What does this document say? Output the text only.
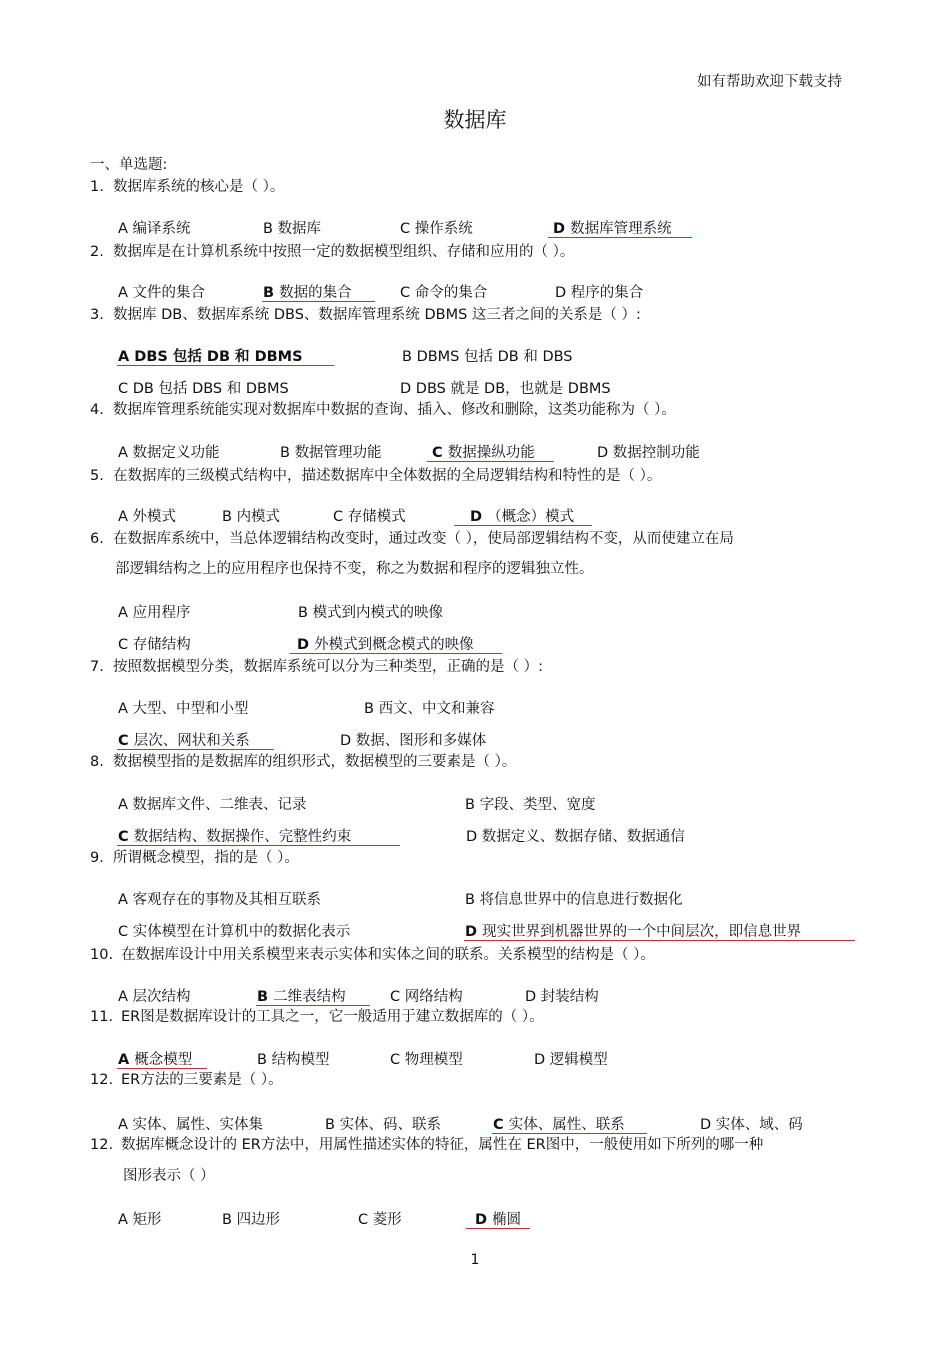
如有帮助欢迎下载支持
数据库
一、单选题:
1. 数据库系统的核心是（ ）。
A 编译系统	B 数据库	C 操作系统	D 数据库管理系统
2. 数据库是在计算机系统中按照一定的数据模型组织、存储和应用的（ ）。
A 文件的集合	B 数据的集合	C 命令的集合	D 程序的集合
3. 数据库 DB、数据库系统 DBS、数据库管理系统 DBMS 这三者之间的关系是（ ）:
A DBS 包括 DB 和 DBMS	B DBMS 包括 DB 和 DBS
C DB 包括 DBS 和 DBMS	D DBS 就是 DB，也就是 DBMS
4. 数据库管理系统能实现对数据库中数据的查询、插入、修改和删除，这类功能称为（ ）。
A 数据定义功能	B 数据管理功能	C 数据操纵功能	D 数据控制功能
5. 在数据库的三级模式结构中，描述数据库中全体数据的全局逻辑结构和特性的是（ ）。
A 外模式	B 内模式	C 存储模式	D （概念）模式
6. 在数据库系统中，当总体逻辑结构改变时，通过改变（ ），使局部逻辑结构不变，从而使建立在局
部逻辑结构之上的应用程序也保持不变，称之为数据和程序的逻辑独立性。
A 应用程序	B 模式到内模式的映像
C 存储结构	D 外模式到概念模式的映像
7. 按照数据模型分类，数据库系统可以分为三种类型，正确的是（ ）:
A 大型、中型和小型	B 西文、中文和兼容
C 层次、网状和关系	D 数据、图形和多媒体
8. 数据模型指的是数据库的组织形式，数据模型的三要素是（ ）。
A 数据库文件、二维表、记录	B 字段、类型、宽度
C 数据结构、数据操作、完整性约束	D 数据定义、数据存储、数据通信
9. 所谓概念模型，指的是（ ）。
A 客观存在的事物及其相互联系	B 将信息世界中的信息进行数据化
C 实体模型在计算机中的数据化表示	D 现实世界到机器世界的一个中间层次，即信息世界
10. 在数据库设计中用关系模型来表示实体和实体之间的联系。关系模型的结构是（ ）。
A 层次结构	B 二维表结构	C 网络结构	D 封装结构
11. ER图是数据库设计的工具之一，它一般适用于建立数据库的（ ）。
A 概念模型	B 结构模型	C 物理模型	D 逻辑模型
12. ER方法的三要素是（ ）。
A 实体、属性、实体集	B 实体、码、联系	C 实体、属性、联系	D 实体、域、码
12. 数据库概念设计的 ER方法中，用属性描述实体的特征，属性在 ER图中，一般使用如下所列的哪一种
图形表示（ ）
A 矩形	B 四边形	C 菱形	D 椭圆
1
